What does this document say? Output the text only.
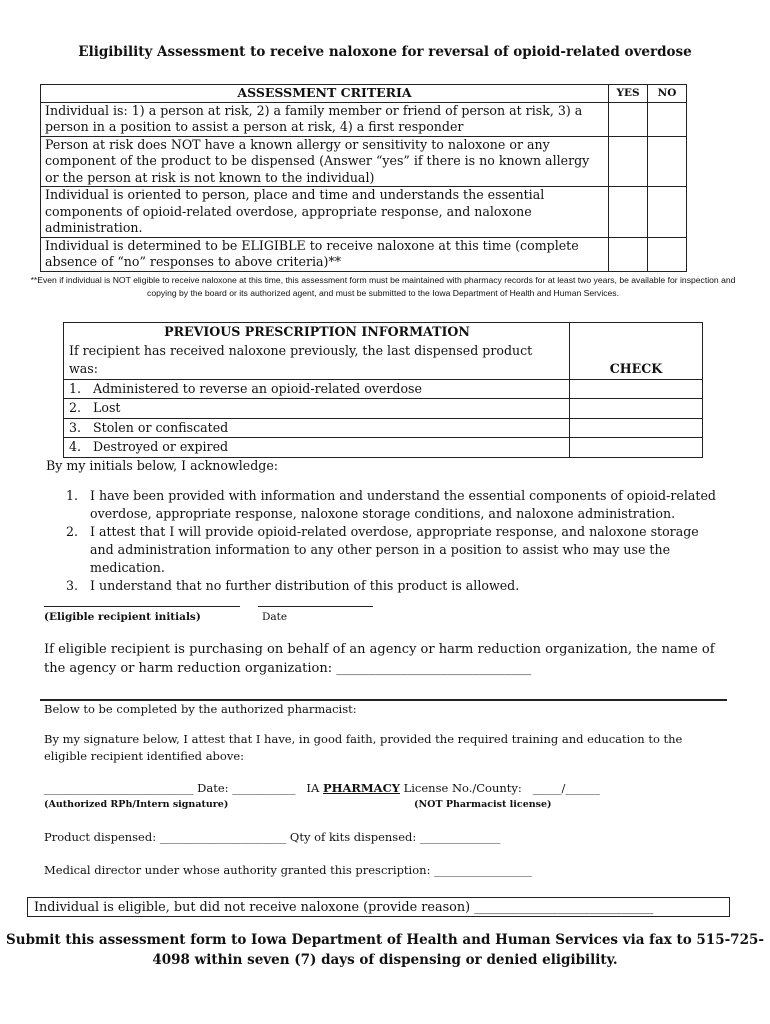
Eligibility Assessment to receive naloxone for reversal of opioid-related overdose
ASSESSMENT CRITERIA	YES	NO
Individual is: 1) a person at risk, 2) a family member or friend of person at risk, 3) a person in a position to assist a person at risk, 4) a first responder		
Person at risk does NOT have a known allergy or sensitivity to naloxone or any component of the product to be dispensed (Answer “yes” if there is no known allergy or the person at risk is not known to the individual)		
Individual is oriented to person, place and time and understands the essential components of opioid-related overdose, appropriate response, and naloxone administration.		
Individual is determined to be ELIGIBLE to receive naloxone at this time (complete absence of “no” responses to above criteria)**		
**Even if individual is NOT eligible to receive naloxone at this time, this assessment form must be maintained with pharmacy records for at least two years, be available for inspection and copying by the board or its authorized agent, and must be submitted to the Iowa Department of Health and Human Services.
PREVIOUS PRESCRIPTION INFORMATION
If recipient has received naloxone previously, the last dispensed product was:	CHECK
1. Administered to reverse an opioid-related overdose	
2. Lost	
3. Stolen or confiscated	
4. Destroyed or expired	
By my initials below, I acknowledge:
1. I have been provided with information and understand the essential components of opioid-related overdose, appropriate response, naloxone storage conditions, and naloxone administration.
2. I attest that I will provide opioid-related overdose, appropriate response, and naloxone storage and administration information to any other person in a position to assist who may use the medication.
3. I understand that no further distribution of this product is allowed.
(Eligible recipient initials)	Date
If eligible recipient is purchasing on behalf of an agency or harm reduction organization, the name of the agency or harm reduction organization: ______________________________
Below to be completed by the authorized pharmacist:
By my signature below, I attest that I have, in good faith, provided the required training and education to the eligible recipient identified above:
__________________________ Date: ___________ IA PHARMACY License No./County: _____/______
(Authorized RPh/Intern signature)	(NOT Pharmacist license)
Product dispensed: ______________________ Qty of kits dispensed: ______________
Medical director under whose authority granted this prescription: _________________
Individual is eligible, but did not receive naloxone (provide reason) ____________________________
Submit this assessment form to Iowa Department of Health and Human Services via fax to 515-725-4098 within seven (7) days of dispensing or denied eligibility.
